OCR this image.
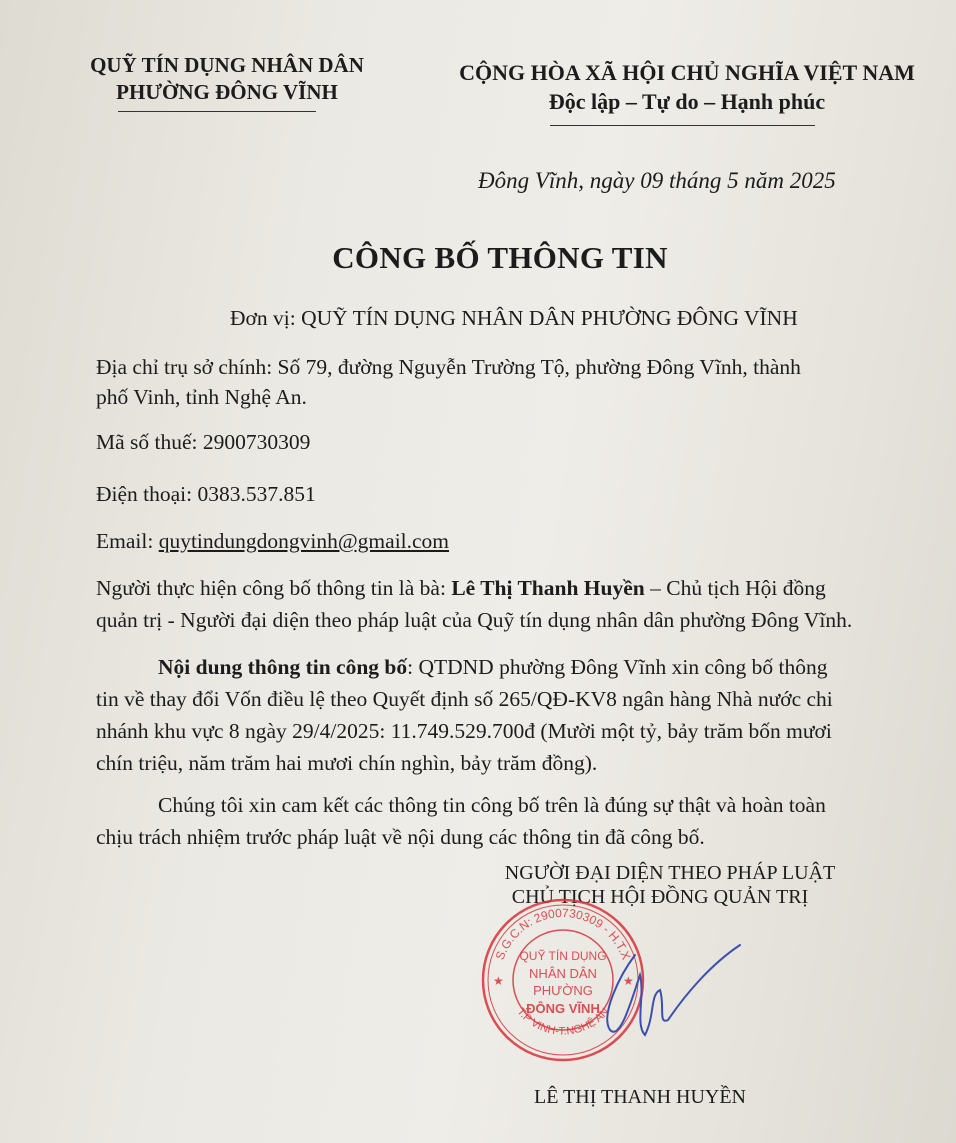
QUỸ TÍN DỤNG NHÂN DÂN
PHƯỜNG ĐÔNG VĨNH
CỘNG HÒA XÃ HỘI CHỦ NGHĨA VIỆT NAM
Độc lập – Tự do – Hạnh phúc
Đông Vĩnh, ngày 09 tháng 5 năm 2025
CÔNG BỐ THÔNG TIN
Đơn vị: QUỸ TÍN DỤNG NHÂN DÂN PHƯỜNG ĐÔNG VĨNH
Địa chỉ trụ sở chính: Số 79, đường Nguyễn Trường Tộ, phường Đông Vĩnh, thành
phố Vinh, tỉnh Nghệ An.
Mã số thuế: 2900730309
Điện thoại: 0383.537.851
Email: quytindungdongvinh@gmail.com
Người thực hiện công bố thông tin là bà: Lê Thị Thanh Huyền – Chủ tịch Hội đồng
quản trị - Người đại diện theo pháp luật của Quỹ tín dụng nhân dân phường Đông Vĩnh.
Nội dung thông tin công bố: QTDND phường Đông Vĩnh xin công bố thông
tin về thay đổi Vốn điều lệ theo Quyết định số 265/QĐ-KV8 ngân hàng Nhà nước chi
nhánh khu vực 8 ngày 29/4/2025: 11.749.529.700đ (Mười một tỷ, bảy trăm bốn mươi
chín triệu, năm trăm hai mươi chín nghìn, bảy trăm đồng).
Chúng tôi xin cam kết các thông tin công bố trên là đúng sự thật và hoàn toàn
chịu trách nhiệm trước pháp luật về nội dung các thông tin đã công bố.
NGƯỜI ĐẠI DIỆN THEO PHÁP LUẬT
CHỦ TỊCH HỘI ĐỒNG QUẢN TRỊ
S.G.C.N: 2900730309 - H.T.X
T.P VINH-T.NGHỆ AN
QUỸ TÍN DỤNG
NHÂN DÂN
PHƯỜNG
ĐÔNG VĨNH
★	★
LÊ THỊ THANH HUYỀN
